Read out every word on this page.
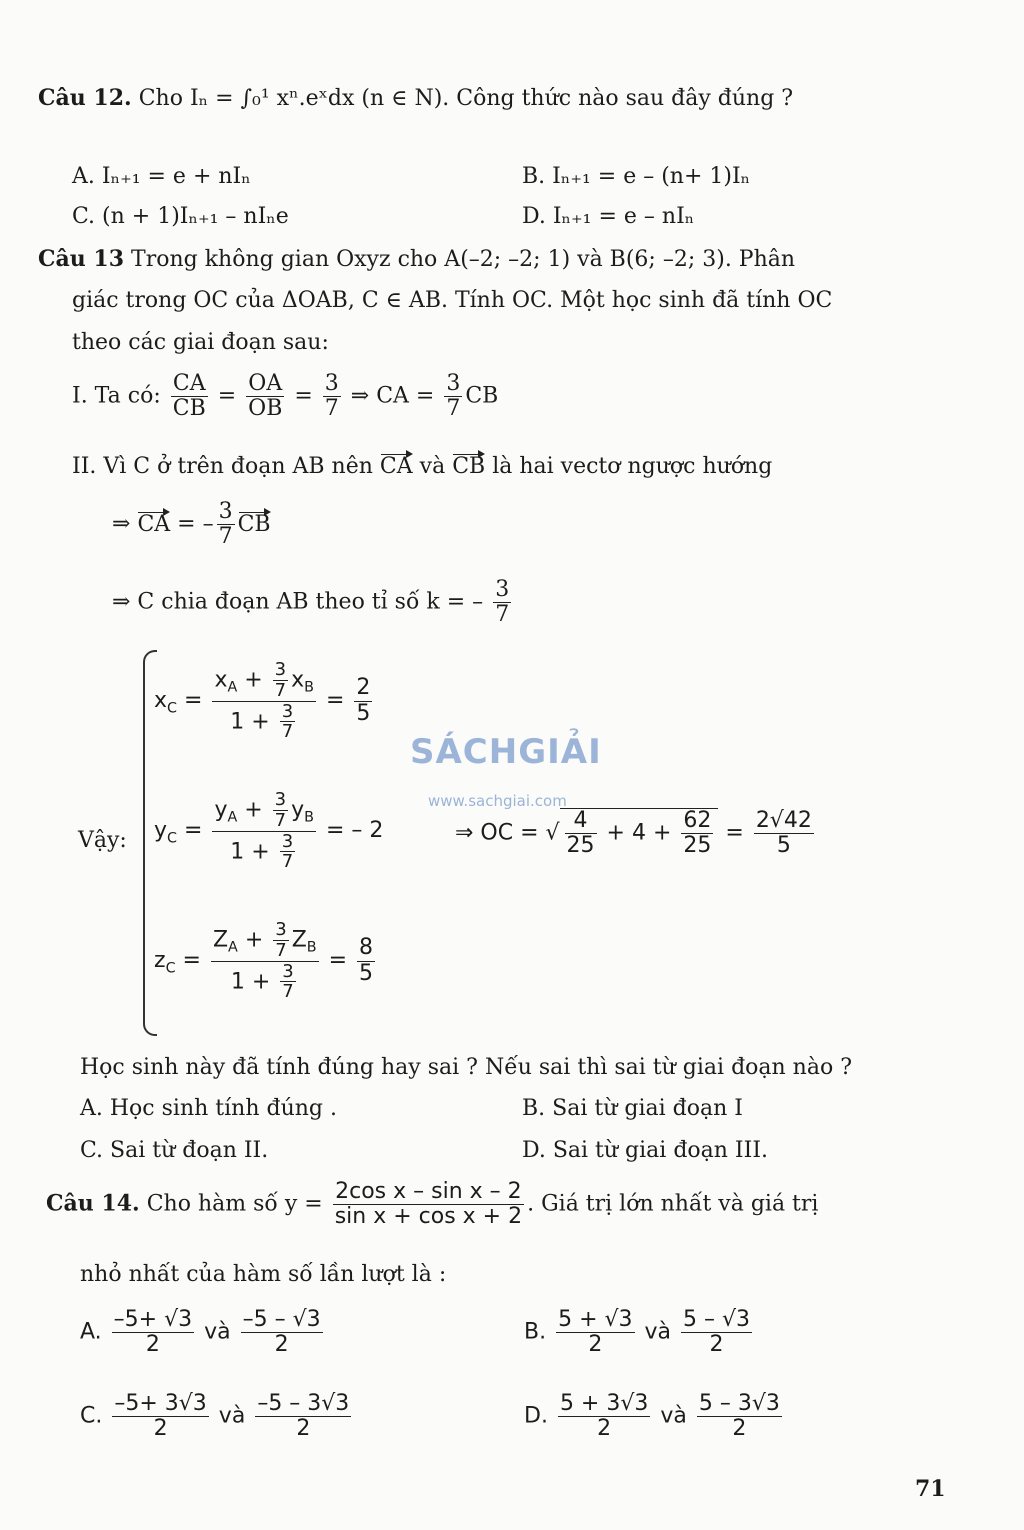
Câu 12. Cho Iₙ = ∫₀¹ xⁿ.eˣdx (n ∈ N). Công thức nào sau đây đúng ?
A. Iₙ₊₁ = e + nIₙ	B. Iₙ₊₁ = e – (n+ 1)Iₙ
C. (n + 1)Iₙ₊₁ – nIₙe	D. Iₙ₊₁ = e – nIₙ
Câu 13 Trong không gian Oxyz cho A(–2; –2; 1) và B(6; –2; 3). Phân
giác trong OC của ΔOAB, C ∈ AB. Tính OC. Một học sinh đã tính OC
theo các giai đoạn sau:
I. Ta có: $\frac{CA}{CB} = \frac{OA}{OB} = \frac{3}{7}$ ⇒ CA = $\frac{3}{7}$ CB
II. Vì C ở trên đoạn AB nên CA và CB là hai vectơ ngược hướng
⇒ CA = – $\frac{3}{7}$ CB
⇒ C chia đoạn AB theo tỉ số k = – $\frac{3}{7}$
Vậy:
$x_C = \frac{x_A + \frac{3}{7} x_B}{1 + \frac{3}{7}} = \frac{2}{5}$
$y_C = \frac{y_A + \frac{3}{7} y_B}{1 + \frac{3}{7}}$ = – 2	⇒ OC = √ $\frac{4}{25} + 4 + \frac{62}{25} = \frac{2√42}{5}$
$z_C = \frac{Z_A + \frac{3}{7} Z_B}{1 + \frac{3}{7}} = \frac{8}{5}$
Học sinh này đã tính đúng hay sai ? Nếu sai thì sai từ giai đoạn nào ?
A. Học sinh tính đúng .	B. Sai từ giai đoạn I
C. Sai từ đoạn II.	D. Sai từ giai đoạn III.
Câu 14. Cho hàm số $y = \frac{\text{2cos x – sin x – 2}}{\text{sin x + cos x + 2}}$ . Giá trị lớn nhất và giá trị
nhỏ nhất của hàm số lần lượt là :
A. $\frac{-5+ √3}{2}$ và $\frac{-5 - √3}{2}$	B. $\frac{5 + √3}{2}$ và $\frac{5 - √3}{2}$
C. $\frac{-5+ 3√3}{2}$ và $\frac{-5 - 3√3}{2}$	D. $\frac{5 + 3√3}{2}$ và $\frac{5 - 3√3}{2}$
SÁCHGIẢI
www.sachgiai.com
71
